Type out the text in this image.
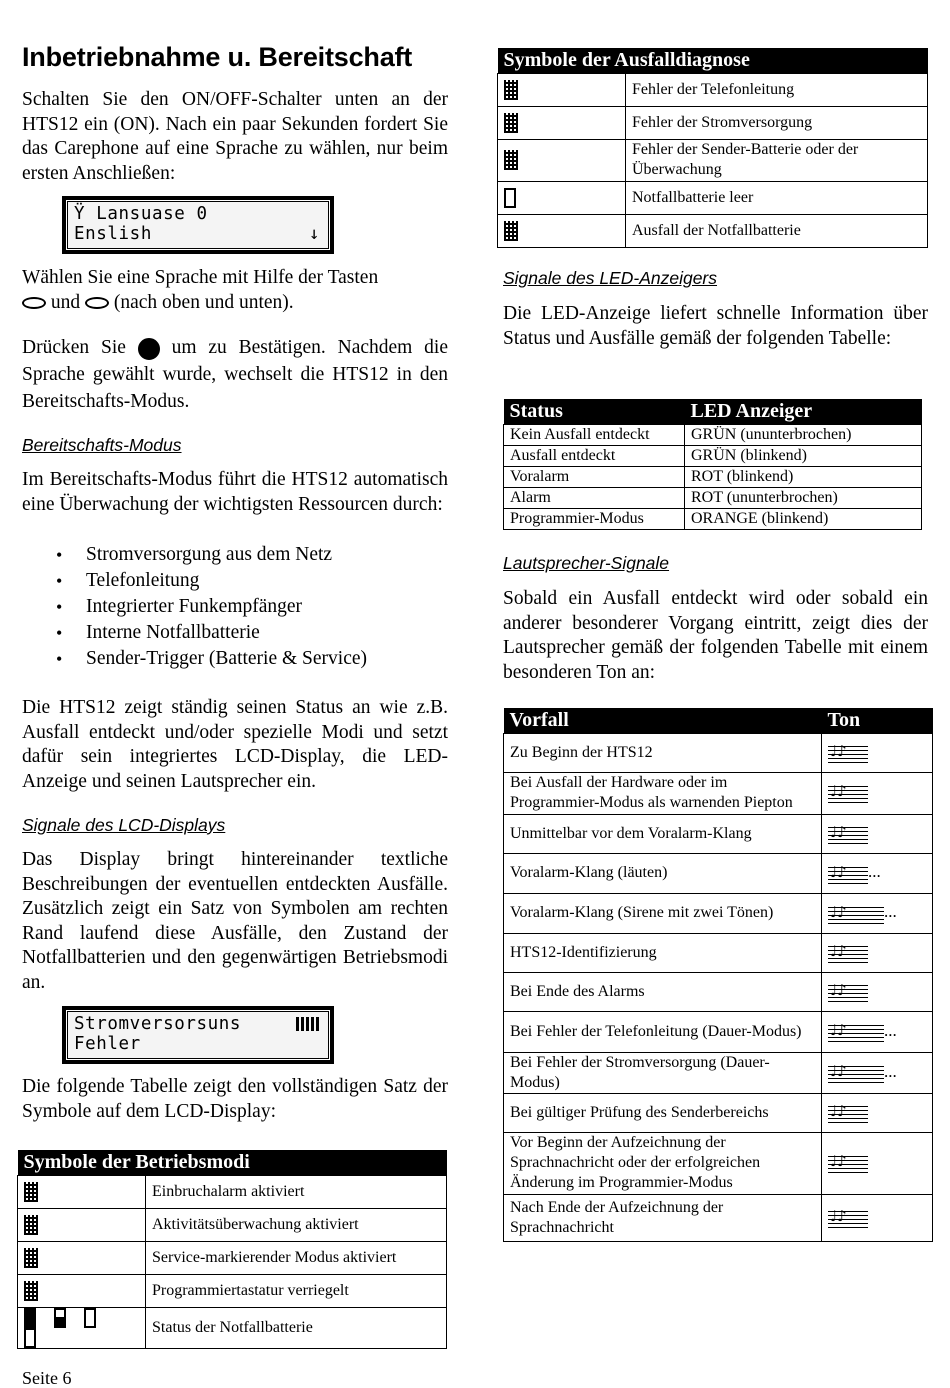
Inbetriebnahme u. Bereitschaft
Schalten Sie den ON/OFF-Schalter unten an der HTS12 ein (ON). Nach ein paar Sekunden fordert Sie das Carephone auf eine Sprache zu wählen, nur beim ersten Anschließen:
Ϋ Lansuase 0
Enslish	↓
Wählen Sie eine Sprache mit Hilfe der Tasten
und (nach oben und unten).
Drücken Sie um zu Bestätigen. Nachdem die Sprache gewählt wurde, wechselt die HTS12 in den Bereitschafts-Modus.
Bereitschafts-Modus
Im Bereitschafts-Modus führt die HTS12 automatisch eine Überwachung der wichtigsten Ressourcen durch:
• Stromversorgung aus dem Netz
• Telefonleitung
• Integrierter Funkempfänger
• Interne Notfallbatterie
• Sender-Trigger (Batterie & Service)
Die HTS12 zeigt ständig seinen Status an wie z.B. Ausfall entdeckt und/oder spezielle Modi und setzt dafür sein integriertes LCD-Display, die LED-Anzeige und seinen Lautsprecher ein.
Signale des LCD-Displays
Das Display bringt hintereinander textliche Beschreibungen der eventuellen entdeckten Ausfälle. Zusätzlich zeigt ein Satz von Symbolen am rechten Rand laufend diese Ausfälle, den Zustand der Notfallbatterien und den gegenwärtigen Betriebsmodi an.
Stromversorsuns
Fehler
Die folgende Tabelle zeigt den vollständigen Satz der Symbole auf dem LCD-Display:
Symbole der Betriebsmodi	
	Einbruchalarm aktiviert
	Aktivitätsüberwachung aktiviert
	Service-markierender Modus aktiviert
	Programmiertastatur verriegelt
	Status der Notfallbatterie
Seite 6
Symbole der Ausfalldiagnose	
	Fehler der Telefonleitung
	Fehler der Stromversorgung
	Fehler der Sender-Batterie oder der Überwachung
	Notfallbatterie leer
	Ausfall der Notfallbatterie
Signale des LED-Anzeigers
Die LED-Anzeige liefert schnelle Information über Status und Ausfälle gemäß der folgenden Tabelle:
Status	LED Anzeiger
Kein Ausfall entdeckt	GRÜN (ununterbrochen)
Ausfall entdeckt	GRÜN (blinkend)
Voralarm	ROT (blinkend)
Alarm	ROT (ununterbrochen)
Programmier-Modus	ORANGE (blinkend)
Lautsprecher-Signale
Sobald ein Ausfall entdeckt wird oder sobald ein anderer besonderer Vorgang eintritt, zeigt dies der Lautsprecher gemäß der folgenden Tabelle mit einem besonderen Ton an:
Vorfall	Ton
Zu Beginn der HTS12	♩♪
Bei Ausfall der Hardware oder im Programmier-Modus als warnenden Piepton	♩♪
Unmittelbar vor dem Voralarm-Klang	♩♪
Voralarm-Klang (läuten)	♩♪...
Voralarm-Klang (Sirene mit zwei Tönen)	♩♪...
HTS12-Identifizierung	♩♪
Bei Ende des Alarms	♩♪
Bei Fehler der Telefonleitung (Dauer-Modus)	♩♪...
Bei Fehler der Stromversorgung (Dauer-Modus)	♩♪...
Bei gültiger Prüfung des Senderbereichs	♩♪
Vor Beginn der Aufzeichnung der Sprachnachricht oder der erfolgreichen Änderung im Programmier-Modus	♩♪
Nach Ende der Aufzeichnung der Sprachnachricht	♩♪
